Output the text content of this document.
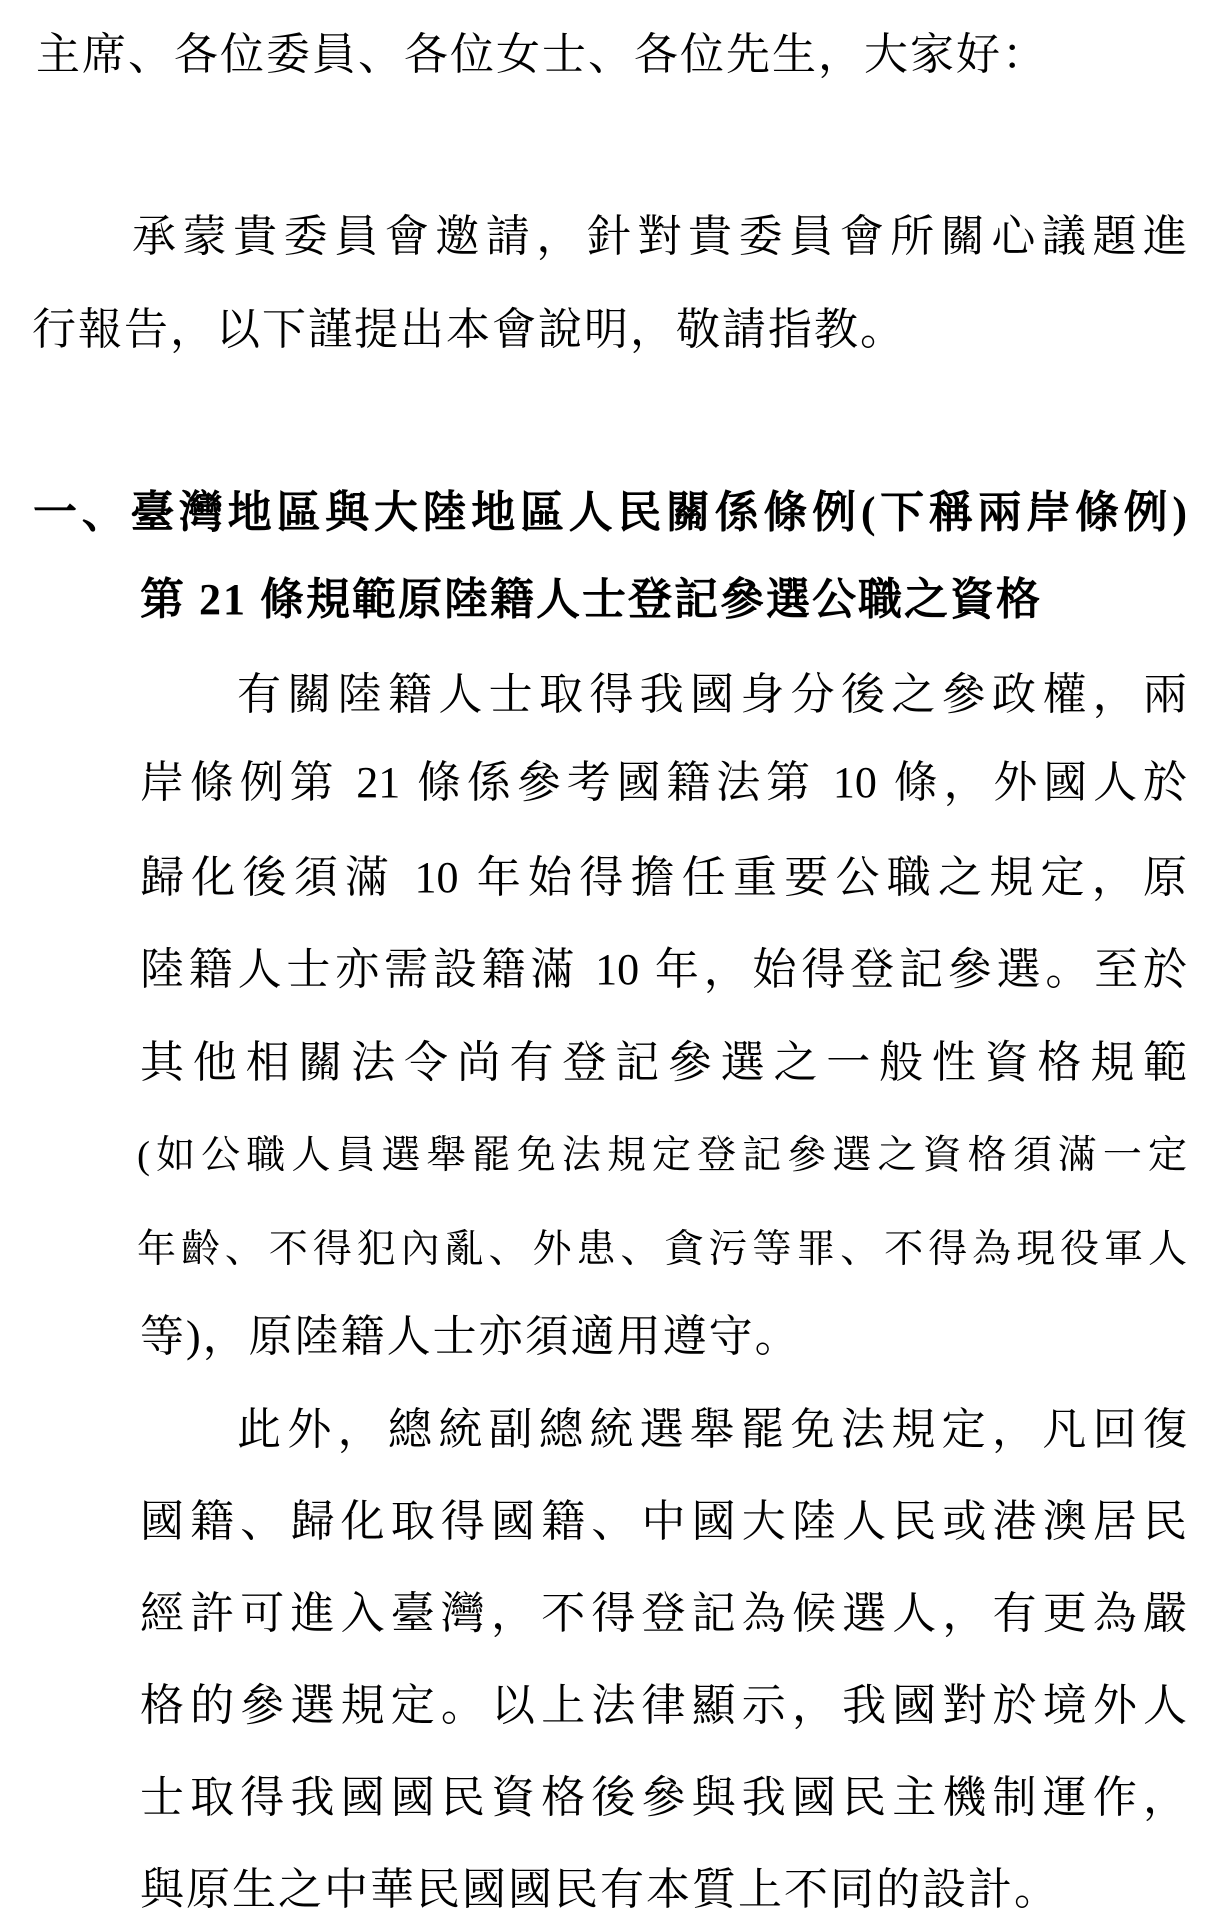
主席、各位委員、各位女士、各位先生，大家好：
承蒙貴委員會邀請，針對貴委員會所關心議題進
行報告，以下謹提出本會說明，敬請指教。
一、臺灣地區與大陸地區人民關係條例(下稱兩岸條例)
第 21 條規範原陸籍人士登記參選公職之資格
有關陸籍人士取得我國身分後之參政權，兩
岸條例第 21 條係參考國籍法第 10 條，外國人於
歸化後須滿 10 年始得擔任重要公職之規定，原
陸籍人士亦需設籍滿 10 年，始得登記參選。至於
其他相關法令尚有登記參選之一般性資格規範
(如公職人員選舉罷免法規定登記參選之資格須滿一定
年齡、不得犯內亂、外患、貪污等罪、不得為現役軍人
等)，原陸籍人士亦須適用遵守。
此外，總統副總統選舉罷免法規定，凡回復
國籍、歸化取得國籍、中國大陸人民或港澳居民
經許可進入臺灣，不得登記為候選人，有更為嚴
格的參選規定。以上法律顯示，我國對於境外人
士取得我國國民資格後參與我國民主機制運作，
與原生之中華民國國民有本質上不同的設計。
